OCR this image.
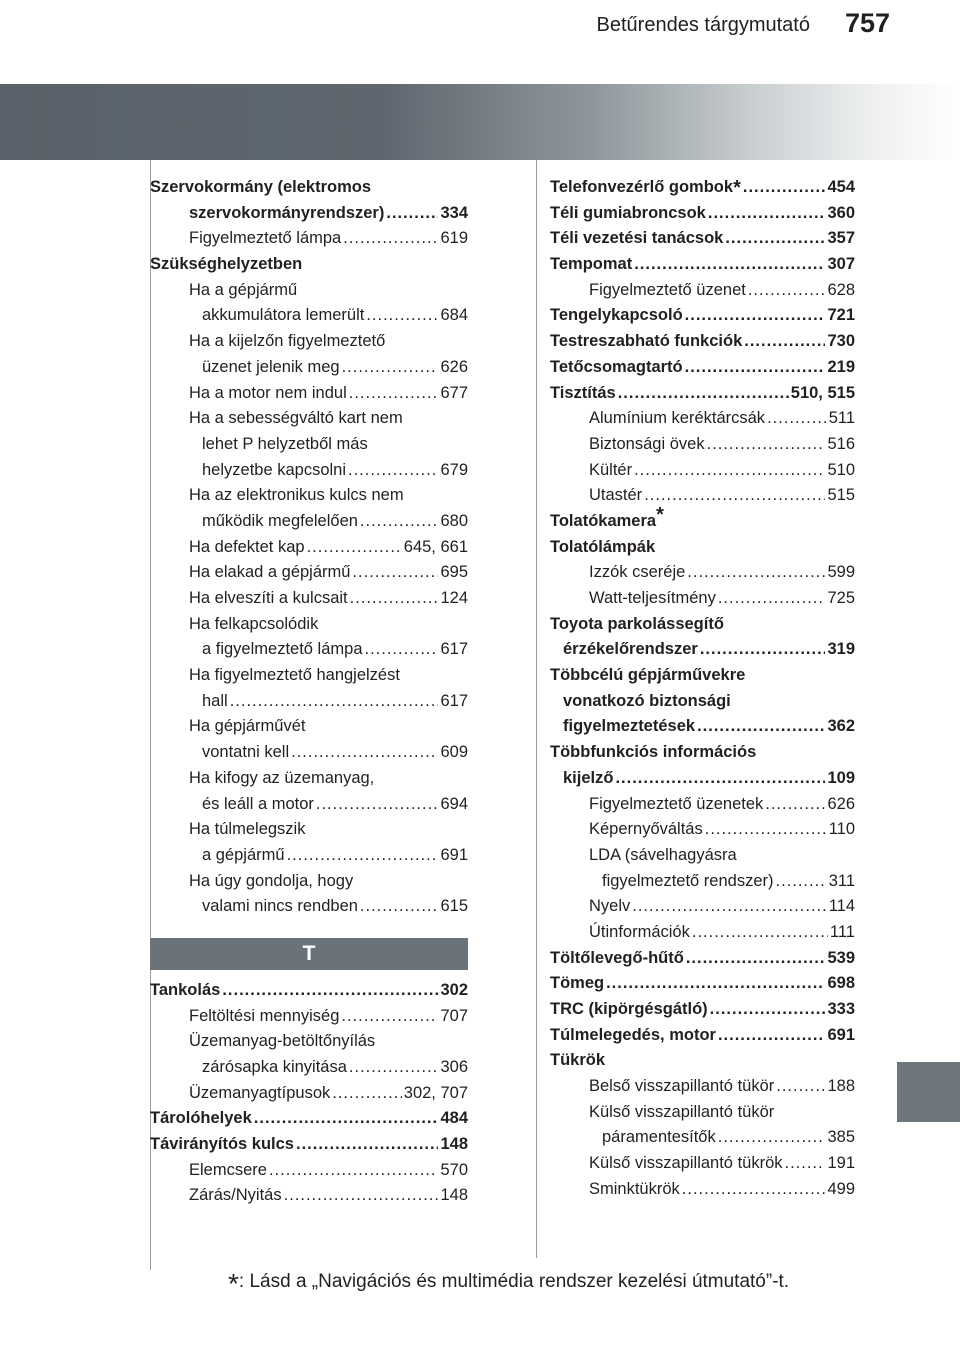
Betűrendes tárgymutató	757
Szervokormány (elektromos
szervokormányrendszer) .....	334
Figyelmeztető lámpa .....	619
Szükséghelyzetben
Ha a gépjármű
akkumulátora lemerült .....	684
Ha a kijelzőn figyelmeztető
üzenet jelenik meg .....	626
Ha a motor nem indul .....	677
Ha a sebességváltó kart nem
lehet P helyzetből más
helyzetbe kapcsolni .....	679
Ha az elektronikus kulcs nem
működik megfelelően .....	680
Ha defektet kap .....	645, 661
Ha elakad a gépjármű .....	695
Ha elveszíti a kulcsait .....	124
Ha felkapcsolódik
a figyelmeztető lámpa .....	617
Ha figyelmeztető hangjelzést
hall .....	617
Ha gépjárművét
vontatni kell .....	609
Ha kifogy az üzemanyag,
és leáll a motor .....	694
Ha túlmelegszik
a gépjármű .....	691
Ha úgy gondolja, hogy
valami nincs rendben .....	615
T
Tankolás .....	302
Feltöltési mennyiség .....	707
Üzemanyag-betöltőnyílás
zárósapka kinyitása .....	306
Üzemanyagtípusok .....	302, 707
Tárolóhelyek .....	484
Távirányítós kulcs .....	148
Elemcsere .....	570
Zárás/Nyitás .....	148
Telefonvezérlő gombok* .....	454
Téli gumiabroncsok .....	360
Téli vezetési tanácsok .....	357
Tempomat .....	307
Figyelmeztető üzenet .....	628
Tengelykapcsoló .....	721
Testreszabható funkciók .....	730
Tetőcsomagtartó .....	219
Tisztítás .....	510, 515
Alumínium keréktárcsák .....	511
Biztonsági övek .....	516
Kültér .....	510
Utastér .....	515
Tolatókamera*
Tolatólámpák
Izzók cseréje .....	599
Watt-teljesítmény .....	725
Toyota parkolássegítő
érzékelőrendszer .....	319
Többcélú gépjárművekre
vonatkozó biztonsági
figyelmeztetések .....	362
Többfunkciós információs
kijelző .....	109
Figyelmeztető üzenetek .....	626
Képernyőváltás .....	110
LDA (sávelhagyásra
figyelmeztető rendszer) .....	311
Nyelv .....	114
Útinformációk .....	111
Töltőlevegő-hűtő .....	539
Tömeg .....	698
TRC (kipörgésgátló) .....	333
Túlmelegedés, motor .....	691
Tükrök
Belső visszapillantó tükör .....	188
Külső visszapillantó tükör
páramentesítők .....	385
Külső visszapillantó tükrök .....	191
Sminktükrök .....	499
*: Lásd a „Navigációs és multimédia rendszer kezelési útmutató”-t.
